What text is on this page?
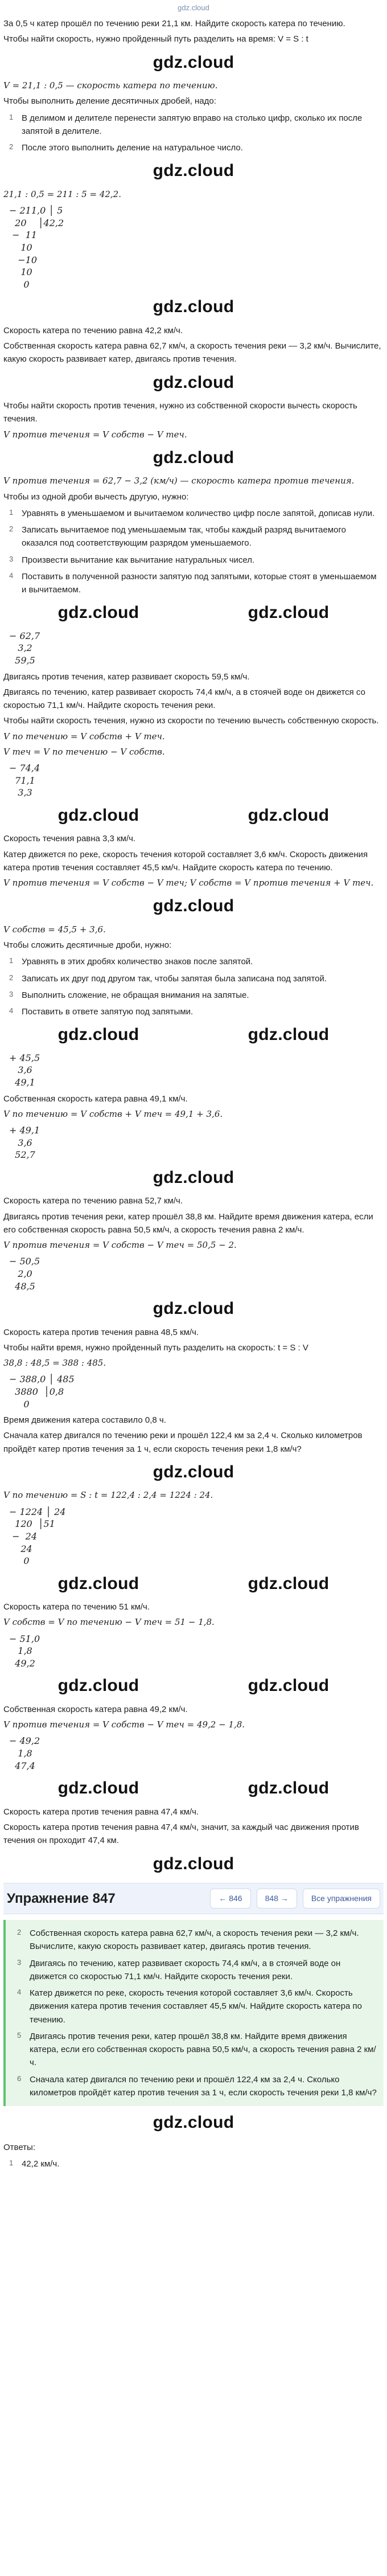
gdz.cloud

За 0,5 ч катер прошёл по течению реки 21,1 км. Найдите скорость катера по течению.

Чтобы найти скорость, нужно пройденный путь разделить на время: V = S : t

gdz.cloud

V = 21,1 : 0,5 — скорость катера по течению.

Чтобы выполнить деление десятичных дробей, надо:

1 В делимом и делителе перенести запятую вправо на столько цифр, сколько их после запятой в делителе.
2 После этого выполнить деление на натуральное число.
gdz.cloud

21,1 : 0,5 = 211 : 5 = 42,2.

− 211,0 │ 5
20    │42,2
−  11
10
−10
10
0
gdz.cloud

Скорость катера по течению равна 42,2 км/ч.

Собственная скорость катера равна 62,7 км/ч, а скорость течения реки — 3,2 км/ч. Вычислите, какую скорость развивает катер, двигаясь против течения.

gdz.cloud

Чтобы найти скорость против течения, нужно из собственной скорости вычесть скорость течения.

V против течения = V собств − V теч.

gdz.cloud

V против течения = 62,7 − 3,2 (км/ч) — скорость катера против течения.

Чтобы из одной дроби вычесть другую, нужно:

1 Уравнять в уменьшаемом и вычитаемом количество цифр после запятой, дописав нули.
2 Записать вычитаемое под уменьшаемым так, чтобы каждый разряд вычитаемого оказался под соответствующим разрядом уменьшаемого.
3 Произвести вычитание как вычитание натуральных чисел.
4 Поставить в полученной разности запятую под запятыми, которые стоят в уменьшаемом и вычитаемом.
gdz.cloud	gdz.cloud
− 62,7
3,2
59,5

Двигаясь против течения, катер развивает скорость 59,5 км/ч.

Двигаясь по течению, катер развивает скорость 74,4 км/ч, а в стоячей воде он движется со скоростью 71,1 км/ч. Найдите скорость течения реки.

Чтобы найти скорость течения, нужно из скорости по течению вычесть собственную скорость.

V по течению = V собств + V теч.

V теч = V по течению − V собств.

− 74,4
71,1
3,3
gdz.cloud	gdz.cloud

Скорость течения равна 3,3 км/ч.

Катер движется по реке, скорость течения которой составляет 3,6 км/ч. Скорость движения катера против течения составляет 45,5 км/ч. Найдите скорость катера по течению.

V против течения = V собств − V теч; V собств = V против течения + V теч.

gdz.cloud

V собств = 45,5 + 3,6.

Чтобы сложить десятичные дроби, нужно:

1 Уравнять в этих дробях количество знаков после запятой.
2 Записать их друг под другом так, чтобы запятая была записана под запятой.
3 Выполнить сложение, не обращая внимания на запятые.
4 Поставить в ответе запятую под запятыми.
gdz.cloud	gdz.cloud
+ 45,5
3,6
49,1

Собственная скорость катера равна 49,1 км/ч.

V по течению = V собств + V теч = 49,1 + 3,6.

+ 49,1
3,6
52,7
gdz.cloud

Скорость катера по течению равна 52,7 км/ч.

Двигаясь против течения реки, катер прошёл 38,8 км. Найдите время движения катера, если его собственная скорость равна 50,5 км/ч, а скорость течения равна 2 км/ч.

V против течения = V собств − V теч = 50,5 − 2.

− 50,5
2,0
48,5
gdz.cloud

Скорость катера против течения равна 48,5 км/ч.

Чтобы найти время, нужно пройденный путь разделить на скорость: t = S : V

38,8 : 48,5 = 388 : 485.

− 388,0 │ 485
3880  │0,8
0

Время движения катера составило 0,8 ч.

Сначала катер двигался по течению реки и прошёл 122,4 км за 2,4 ч. Сколько километров пройдёт катер против течения за 1 ч, если скорость течения реки 1,8 км/ч?

gdz.cloud

V по течению = S : t = 122,4 : 2,4 = 1224 : 24.

− 1224 │ 24
120  │51
−  24
24
0
gdz.cloud	gdz.cloud

Скорость катера по течению 51 км/ч.

V собств = V по течению − V теч = 51 − 1,8.

− 51,0
1,8
49,2
gdz.cloud	gdz.cloud

Собственная скорость катера равна 49,2 км/ч.

V против течения = V собств − V теч = 49,2 − 1,8.

− 49,2
1,8
47,4
gdz.cloud	gdz.cloud

Скорость катера против течения равна 47,4 км/ч.

Скорость катера против течения равна 47,4 км/ч, значит, за каждый час движения против течения он проходит 47,4 км.

gdz.cloud
Упражнение 847	← 846	848 →	Все упражнения
2 Собственная скорость катера равна 62,7 км/ч, а скорость течения реки — 3,2 км/ч. Вычислите, какую скорость развивает катер, двигаясь против течения.
3 Двигаясь по течению, катер развивает скорость 74,4 км/ч, а в стоячей воде он движется со скоростью 71,1 км/ч. Найдите скорость течения реки.
4 Катер движется по реке, скорость течения которой составляет 3,6 км/ч. Скорость движения катера против течения составляет 45,5 км/ч. Найдите скорость катера по течению.
5 Двигаясь против течения реки, катер прошёл 38,8 км. Найдите время движения катера, если его собственная скорость равна 50,5 км/ч, а скорость течения равна 2 км/ч.
6 Сначала катер двигался по течению реки и прошёл 122,4 км за 2,4 ч. Сколько километров пройдёт катер против течения за 1 ч, если скорость течения реки 1,8 км/ч?
gdz.cloud

Ответы:

1 42,2 км/ч.
